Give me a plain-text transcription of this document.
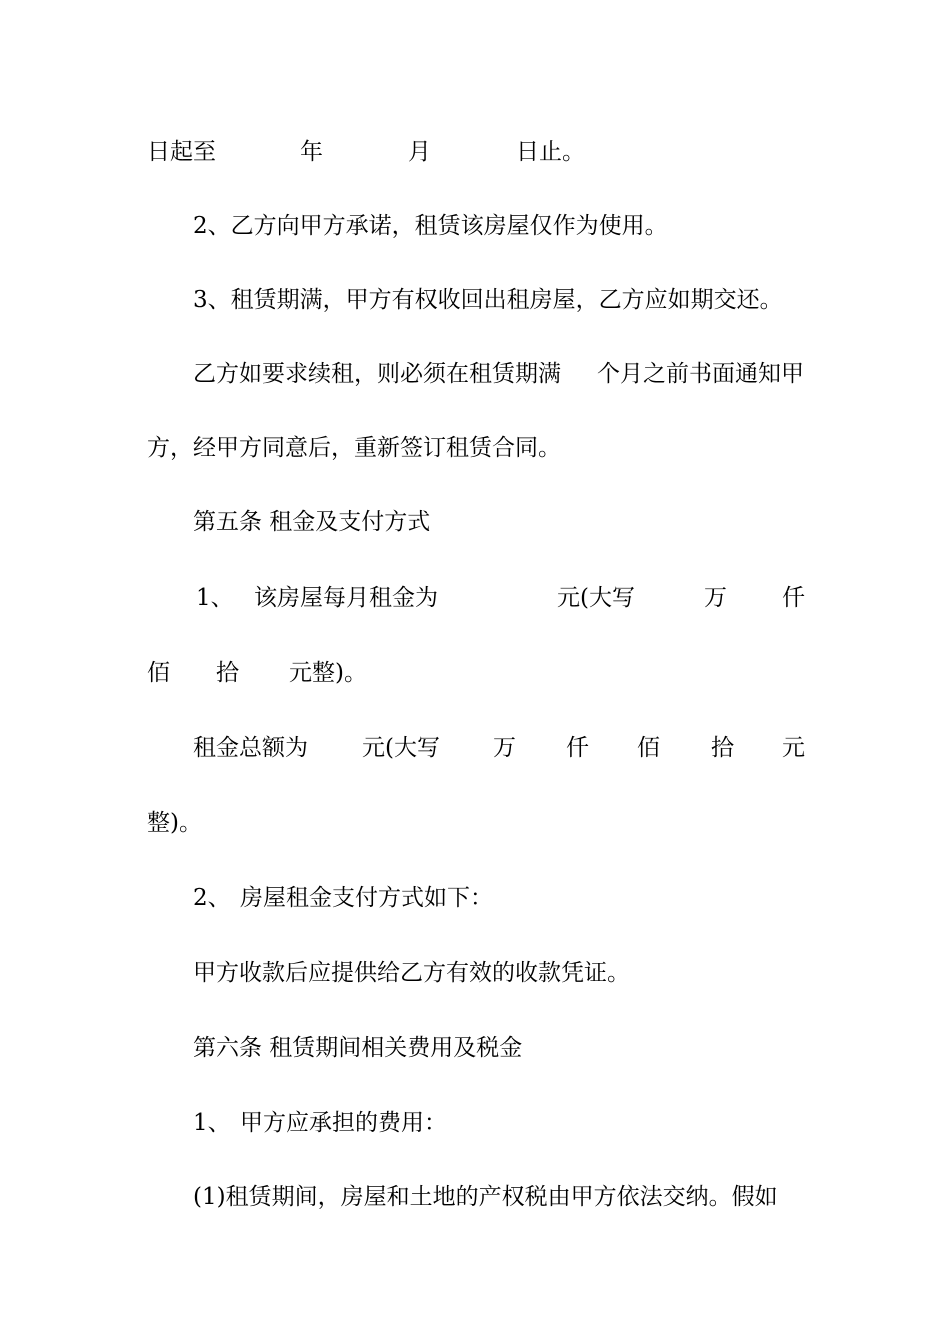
日起至	年	月	日止。
2、乙方向甲方承诺，租赁该房屋仅作为使用。
3、租赁期满，甲方有权收回出租房屋，乙方应如期交还。
乙方如要求续租，则必须在租赁期满 个月之前书面通知甲
方，经甲方同意后，重新签订租赁合同。
第五条 租金及支付方式
1、 该房屋每月租金为	元(大写	万 仟
佰 拾 元整)。
租金总额为 元(大写 万 仟 佰 拾 元
整)。
2、 房屋租金支付方式如下：
甲方收款后应提供给乙方有效的收款凭证。
第六条 租赁期间相关费用及税金
1、 甲方应承担的费用：
(1)租赁期间，房屋和土地的产权税由甲方依法交纳。假如
